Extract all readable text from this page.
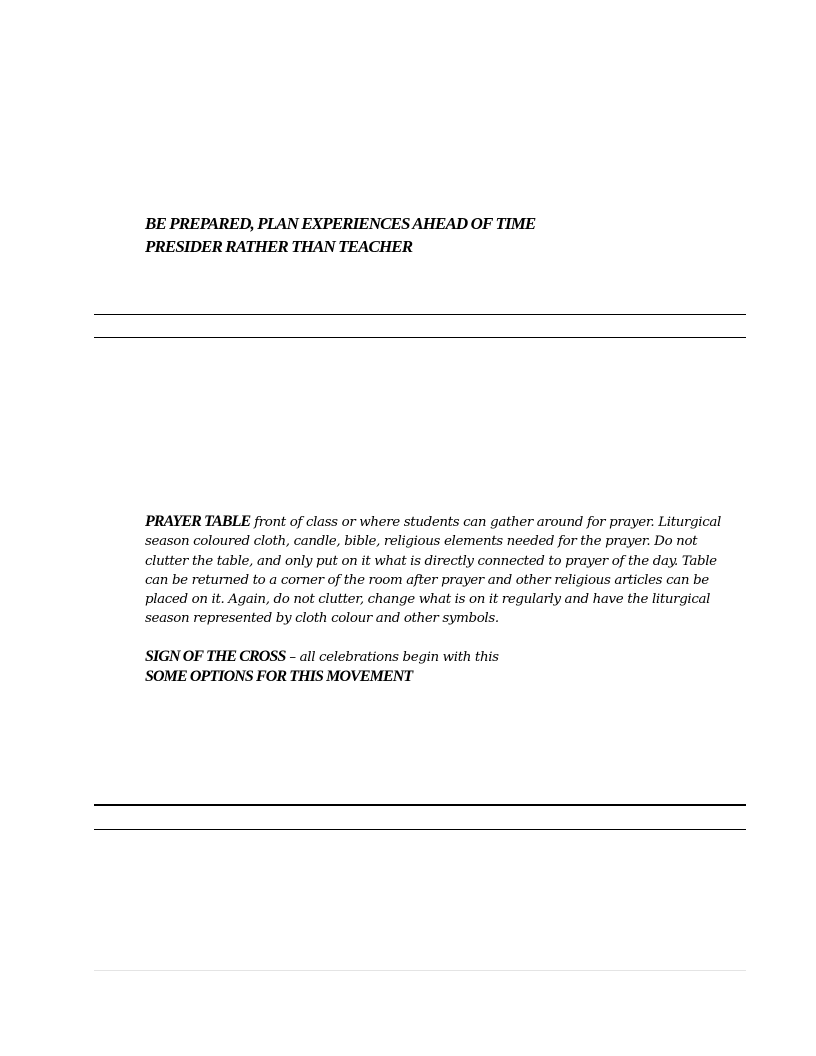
BE PREPARED, PLAN EXPERIENCES AHEAD OF TIME

PRESIDER RATHER THAN TEACHER

PRAYER TABLE front of class or where students can gather around for prayer. Liturgical season coloured cloth, candle, bible, religious elements needed for the prayer. Do not clutter the table, and only put on it what is directly connected to prayer of the day. Table can be returned to a corner of the room after prayer and other religious articles can be placed on it. Again, do not clutter, change what is on it regularly and have the liturgical season represented by cloth colour and other symbols.

SIGN OF THE CROSS – all celebrations begin with this

SOME OPTIONS FOR THIS MOVEMENT
